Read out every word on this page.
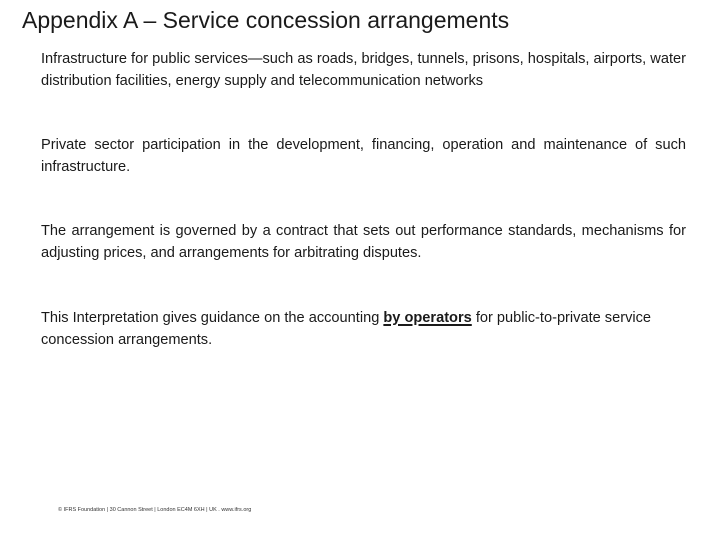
Appendix A – Service concession arrangements

Infrastructure for public services—such as roads, bridges, tunnels, prisons, hospitals, airports, water distribution facilities, energy supply and telecommunication networks

Private sector participation in the development, financing, operation and maintenance of such infrastructure.

The arrangement is governed by a contract that sets out performance standards, mechanisms for adjusting prices, and arrangements for arbitrating disputes.

This Interpretation gives guidance on the accounting by operators for public-to-private service concession arrangements.

© IFRS Foundation | 30 Cannon Street | London EC4M 6XH | UK . www.ifrs.org
